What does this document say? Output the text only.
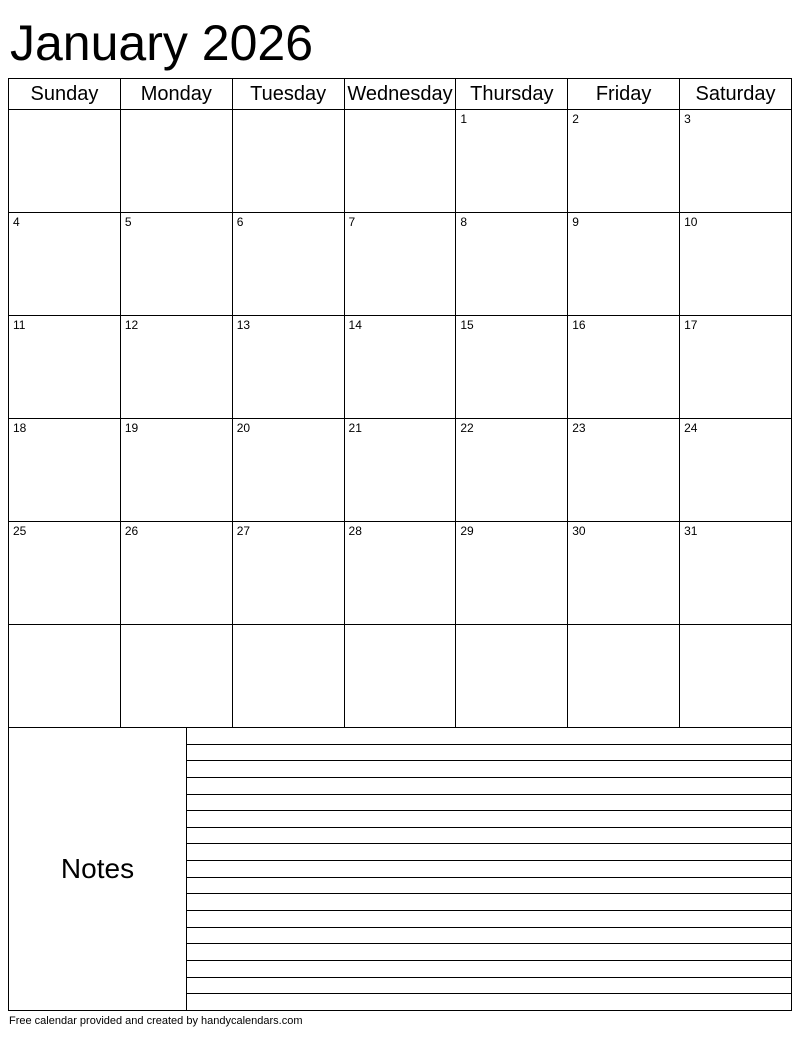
January 2026
Sunday	Monday	Tuesday	Wednesday	Thursday	Friday	Saturday

				1	2	3

4	5	6	7	8	9	10

11	12	13	14	15	16	17

18	19	20	21	22	23	24

25	26	27	28	29	30	31

Notes
Free calendar provided and created by handycalendars.com
